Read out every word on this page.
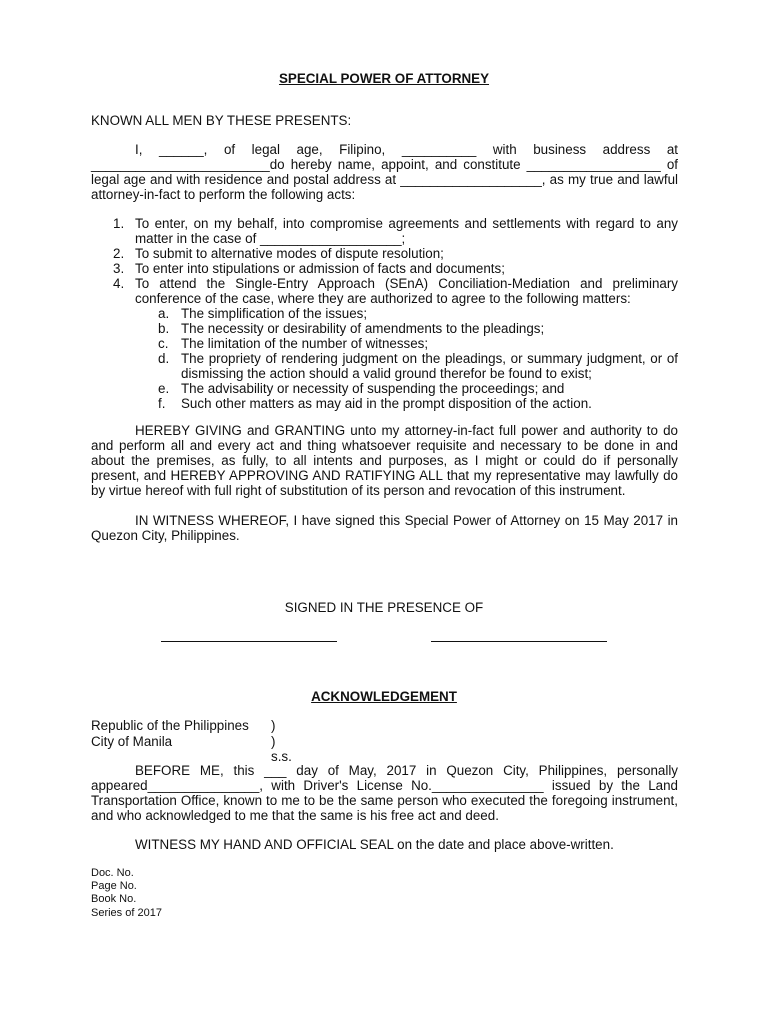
SPECIAL POWER OF ATTORNEY
KNOWN ALL MEN BY THESE PRESENTS:
I, ______, of legal age, Filipino, __________ with business address at
________________________do hereby name, appoint, and constitute __________________ of
legal age and with residence and postal address at ___________________, as my true and lawful
attorney-in-fact to perform the following acts:
1. To enter, on my behalf, into compromise agreements and settlements with regard to any matter in the case of ___________________;
2. To submit to alternative modes of dispute resolution;
3. To enter into stipulations or admission of facts and documents;
4. To attend the Single-Entry Approach (SEnA) Conciliation-Mediation and preliminary conference of the case, where they are authorized to agree to the following matters:
a. The simplification of the issues;
b. The necessity or desirability of amendments to the pleadings;
c. The limitation of the number of witnesses;
d. The propriety of rendering judgment on the pleadings, or summary judgment, or of dismissing the action should a valid ground therefor be found to exist;
e. The advisability or necessity of suspending the proceedings; and
f. Such other matters as may aid in the prompt disposition of the action.
HEREBY GIVING and GRANTING unto my attorney-in-fact full power and authority to do and perform all and every act and thing whatsoever requisite and necessary to be done in and about the premises, as fully, to all intents and purposes, as I might or could do if personally present, and HEREBY APPROVING AND RATIFYING ALL that my representative may lawfully do by virtue hereof with full right of substitution of its person and revocation of this instrument.
IN WITNESS WHEREOF, I have signed this Special Power of Attorney on 15 May 2017 in Quezon City, Philippines.
SIGNED IN THE PRESENCE OF
ACKNOWLEDGEMENT
Republic of the Philippines )
City of Manila	) s.s.
BEFORE ME, this ___ day of May, 2017 in Quezon City, Philippines, personally appeared_______________, with Driver's License No._______________ issued by the Land Transportation Office, known to me to be the same person who executed the foregoing instrument, and who acknowledged to me that the same is his free act and deed.
WITNESS MY HAND AND OFFICIAL SEAL on the date and place above-written.
Doc. No.
Page No.
Book No.
Series of 2017
